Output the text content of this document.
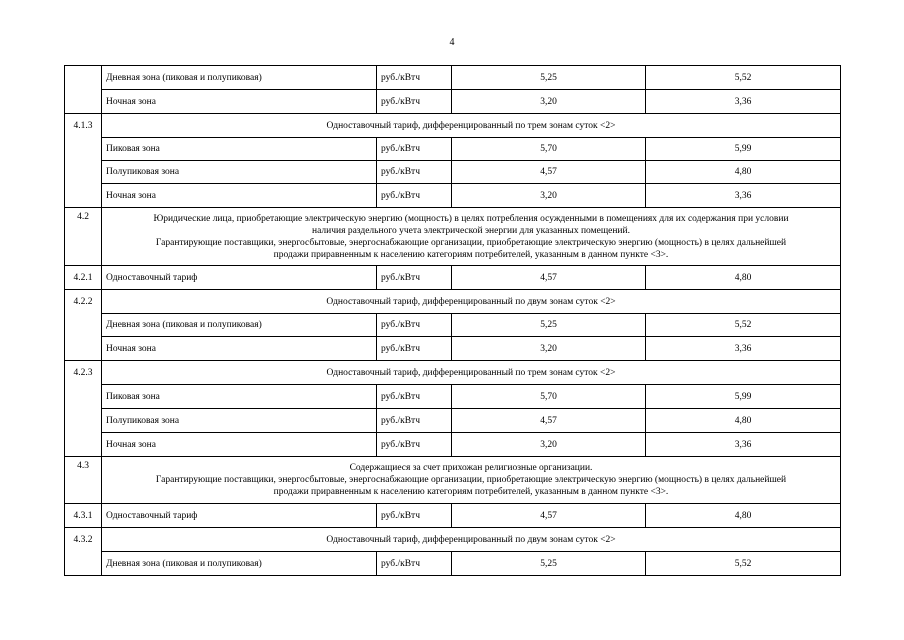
4
	Дневная зона (пиковая и полупиковая)	руб./кВтч	5,25	5,52
	Ночная зона	руб./кВтч	3,20	3,36
4.1.3	Одноставочный тариф, дифференцированный по трем зонам суток <2>			
	Пиковая зона	руб./кВтч	5,70	5,99
	Полупиковая зона	руб./кВтч	4,57	4,80
	Ночная зона	руб./кВтч	3,20	3,36
4.2	Юридические лица, приобретающие электрическую энергию (мощность) в целях потребления осужденными в помещениях для их содержания при условии
наличия раздельного учета электрической энергии для указанных помещений.
Гарантирующие поставщики, энергосбытовые, энергоснабжающие организации, приобретающие электрическую энергию (мощность) в целях дальнейшей
продажи приравненным к населению категориям потребителей, указанным в данном пункте <3>.			

4.2.1	Одноставочный тариф	руб./кВтч	4,57	4,80
4.2.2	Одноставочный тариф, дифференцированный по двум зонам суток <2>			
	Дневная зона (пиковая и полупиковая)	руб./кВтч	5,25	5,52
	Ночная зона	руб./кВтч	3,20	3,36
4.2.3	Одноставочный тариф, дифференцированный по трем зонам суток <2>			
	Пиковая зона	руб./кВтч	5,70	5,99
	Полупиковая зона	руб./кВтч	4,57	4,80
	Ночная зона	руб./кВтч	3,20	3,36
4.3	Содержащиеся за счет прихожан религиозные организации.
Гарантирующие поставщики, энергосбытовые, энергоснабжающие организации, приобретающие электрическую энергию (мощность) в целях дальнейшей
продажи приравненным к населению категориям потребителей, указанным в данном пункте <3>.			

4.3.1	Одноставочный тариф	руб./кВтч	4,57	4,80
4.3.2	Одноставочный тариф, дифференцированный по двум зонам суток <2>			
	Дневная зона (пиковая и полупиковая)	руб./кВтч	5,25	5,52
